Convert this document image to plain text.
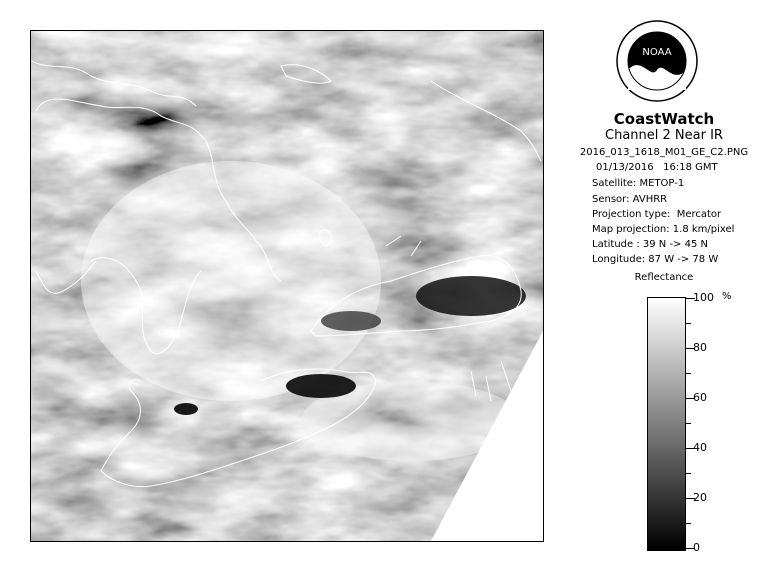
NOAA
CoastWatch
Channel 2 Near IR
2016_013_1618_M01_GE_C2.PNG
01/13/2016   16:18 GMT
Satellite: METOP-1
Sensor: AVHRR
Projection type:  Mercator
Map projection: 1.8 km/pixel
Latitude : 39 N -> 45 N
Longitude: 87 W -> 78 W
Reflectance
%
100
80
60
40
20
0
